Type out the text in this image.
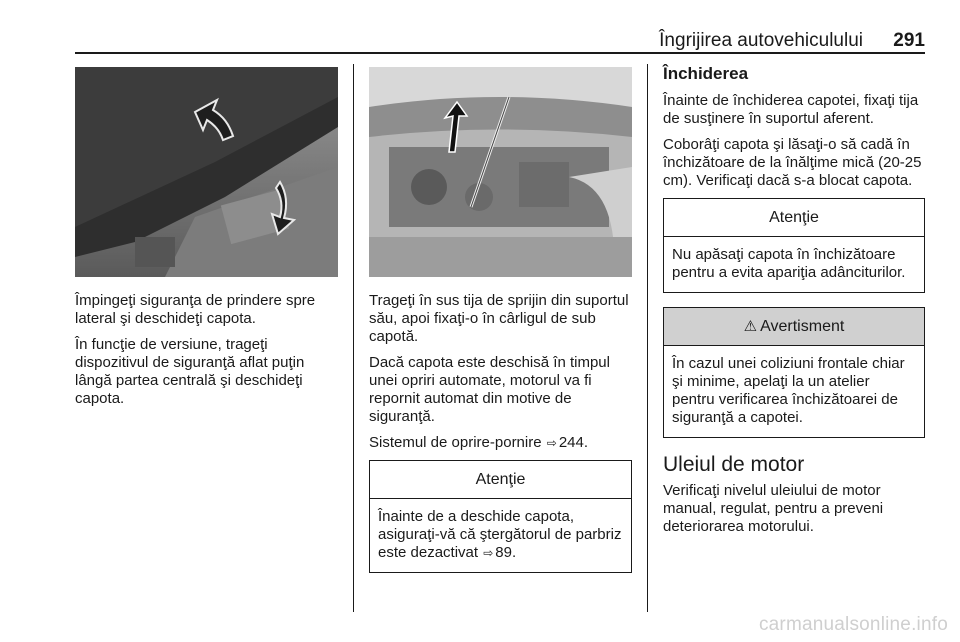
Îngrijirea autovehiculului 291

Împingeţi siguranţa de prindere spre lateral şi deschideţi capota.

În funcţie de versiune, trageţi dispozitivul de siguranţă aflat puţin lângă partea centrală şi deschideţi capota.

Trageţi în sus tija de sprijin din suportul său, apoi fixaţi-o în cârligul de sub capotă.

Dacă capota este deschisă în timpul unei opriri automate, motorul va fi repornit automat din motive de siguranţă.

Sistemul de oprire-pornire ⇨ 244.

Atenţie
Înainte de a deschide capota, asiguraţi-vă că ştergătorul de parbriz este dezactivat ⇨ 89.
Închiderea

Înainte de închiderea capotei, fixaţi tija de susţinere în suportul aferent.

Coborâţi capota şi lăsaţi-o să cadă în închizătoare de la înălţime mică (20-25 cm). Verificaţi dacă s-a blocat capota.

Atenţie
Nu apăsaţi capota în închizătoare pentru a evita apariţia adânciturilor.
⚠ Avertisment
În cazul unei coliziuni frontale chiar şi minime, apelaţi la un atelier pentru verificarea închizătoarei de siguranţă a capotei.
Uleiul de motor

Verificaţi nivelul uleiului de motor manual, regulat, pentru a preveni deteriorarea motorului.

carmanualsonline.info
